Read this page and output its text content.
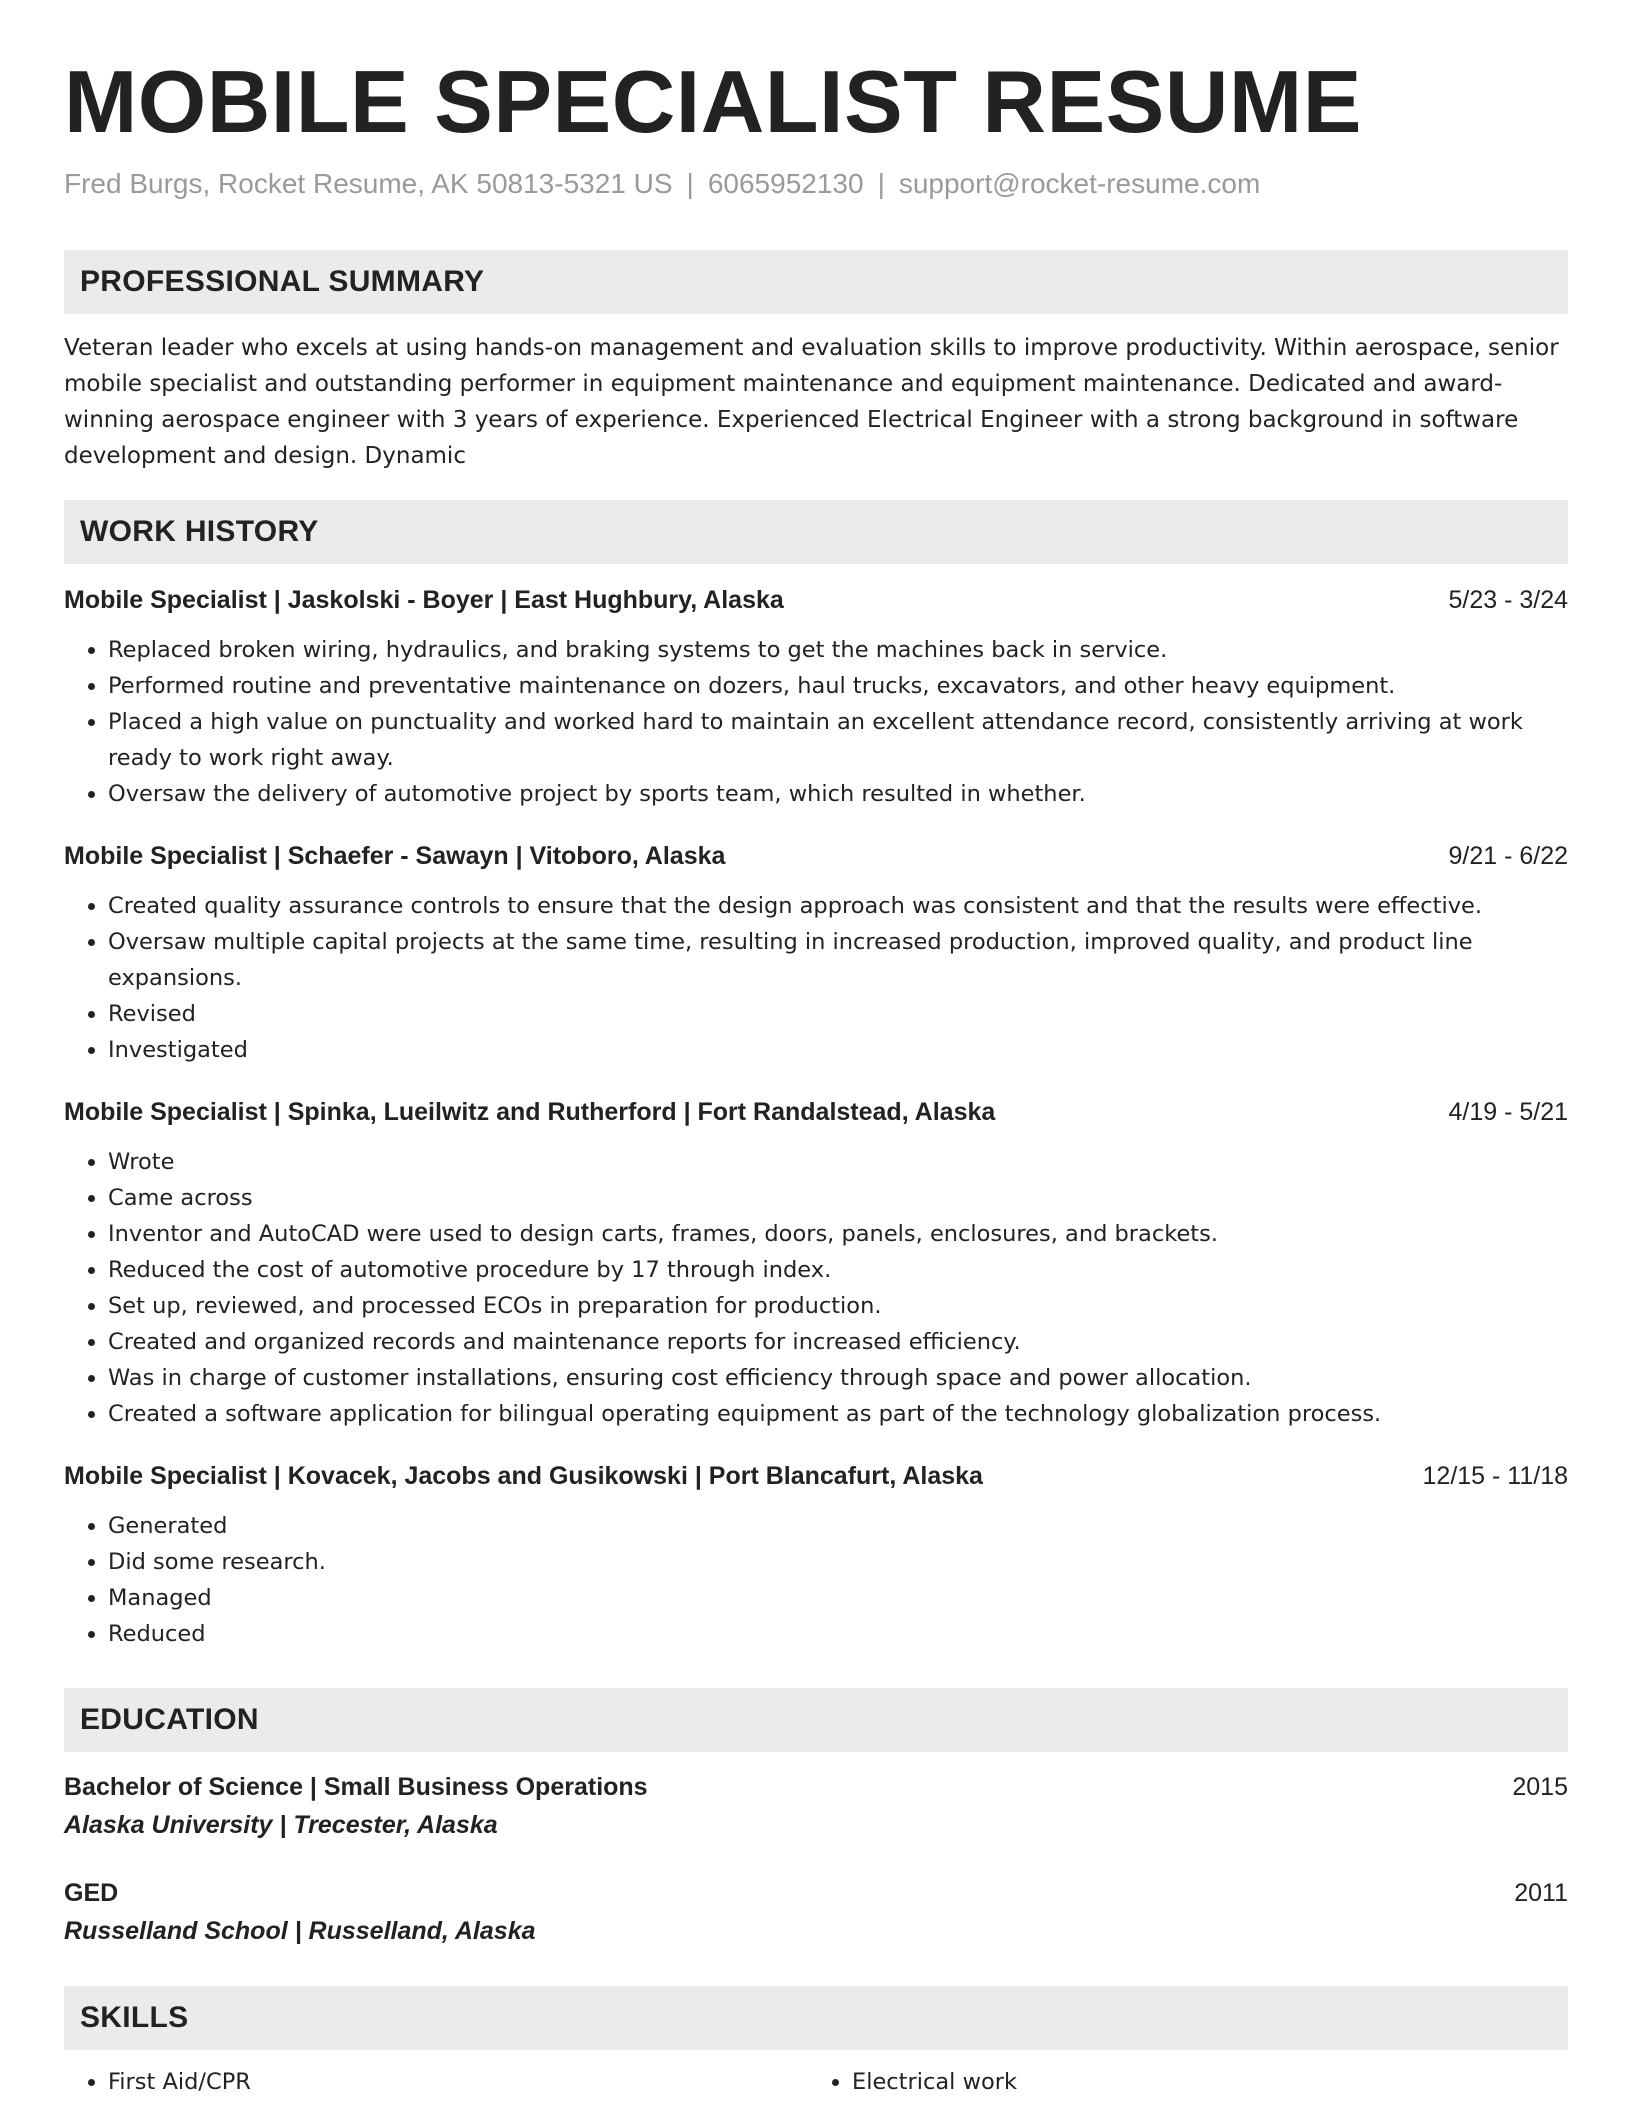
MOBILE SPECIALIST RESUME
Fred Burgs, Rocket Resume, AK 50813-5321 US | 6065952130 | support@rocket-resume.com
PROFESSIONAL SUMMARY

Veteran leader who excels at using hands-on management and evaluation skills to improve productivity. Within aerospace, senior mobile specialist and outstanding performer in equipment maintenance and equipment maintenance. Dedicated and award-winning aerospace engineer with 3 years of experience. Experienced Electrical Engineer with a strong background in software development and design. Dynamic

WORK HISTORY
Mobile Specialist | Jaskolski - Boyer | East Hughbury, Alaska	5/23 - 3/24
• Replaced broken wiring, hydraulics, and braking systems to get the machines back in service.
• Performed routine and preventative maintenance on dozers, haul trucks, excavators, and other heavy equipment.
• Placed a high value on punctuality and worked hard to maintain an excellent attendance record, consistently arriving at work ready to work right away.
• Oversaw the delivery of automotive project by sports team, which resulted in whether.
Mobile Specialist | Schaefer - Sawayn | Vitoboro, Alaska	9/21 - 6/22
• Created quality assurance controls to ensure that the design approach was consistent and that the results were effective.
• Oversaw multiple capital projects at the same time, resulting in increased production, improved quality, and product line expansions.
• Revised
• Investigated
Mobile Specialist | Spinka, Lueilwitz and Rutherford | Fort Randalstead, Alaska	4/19 - 5/21
• Wrote
• Came across
• Inventor and AutoCAD were used to design carts, frames, doors, panels, enclosures, and brackets.
• Reduced the cost of automotive procedure by 17 through index.
• Set up, reviewed, and processed ECOs in preparation for production.
• Created and organized records and maintenance reports for increased efficiency.
• Was in charge of customer installations, ensuring cost efficiency through space and power allocation.
• Created a software application for bilingual operating equipment as part of the technology globalization process.
Mobile Specialist | Kovacek, Jacobs and Gusikowski | Port Blancafurt, Alaska	12/15 - 11/18
• Generated
• Did some research.
• Managed
• Reduced
EDUCATION
Bachelor of Science | Small Business Operations	2015
Alaska University | Trecester, Alaska
GED	2011
Russelland School | Russelland, Alaska
SKILLS
• First Aid/CPR
•	Electrical work
